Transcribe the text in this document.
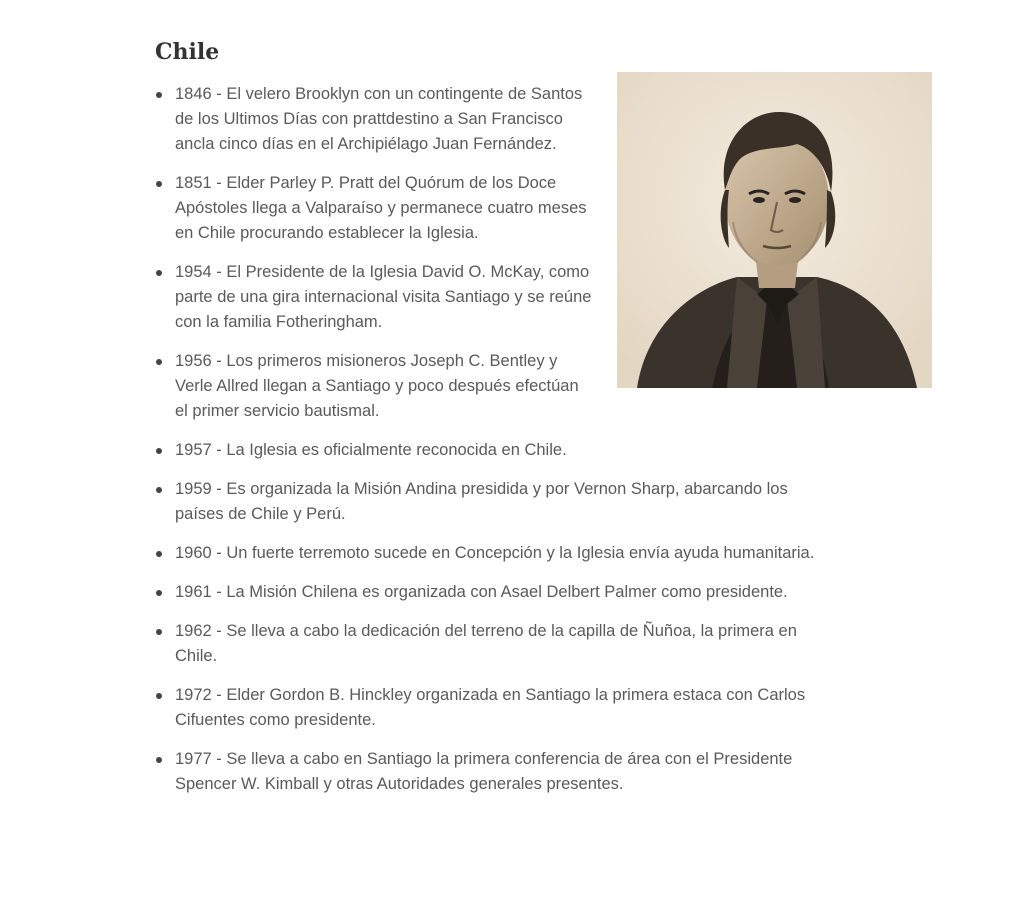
Chile
1846 - El velero Brooklyn con un contingente de Santos de los Ultimos Días con prattdestino a San Francisco ancla cinco días en el Archipiélago Juan Fernández.
1851 - Elder Parley P. Pratt del Quórum de los Doce Apóstoles llega a Valparaíso y permanece cuatro meses en Chile procurando establecer la Iglesia.
1954 - El Presidente de la Iglesia David O. McKay, como parte de una gira internacional visita Santiago y se reúne con la familia Fotheringham.
1956 - Los primeros misioneros Joseph C. Bentley y Verle Allred llegan a Santiago y poco después efectúan el primer servicio bautismal.
1957 - La Iglesia es oficialmente reconocida en Chile.
1959 - Es organizada la Misión Andina presidida y por Vernon Sharp, abarcando los países de Chile y Perú.
1960 - Un fuerte terremoto sucede en Concepción y la Iglesia envía ayuda humanitaria.
1961 - La Misión Chilena es organizada con Asael Delbert Palmer como presidente.
1962 - Se lleva a cabo la dedicación del terreno de la capilla de Ñuñoa, la primera en Chile.
1972 - Elder Gordon B. Hinckley organizada en Santiago la primera estaca con Carlos Cifuentes como presidente.
1977 - Se lleva a cabo en Santiago la primera conferencia de área con el Presidente Spencer W. Kimball y otras Autoridades generales presentes.
